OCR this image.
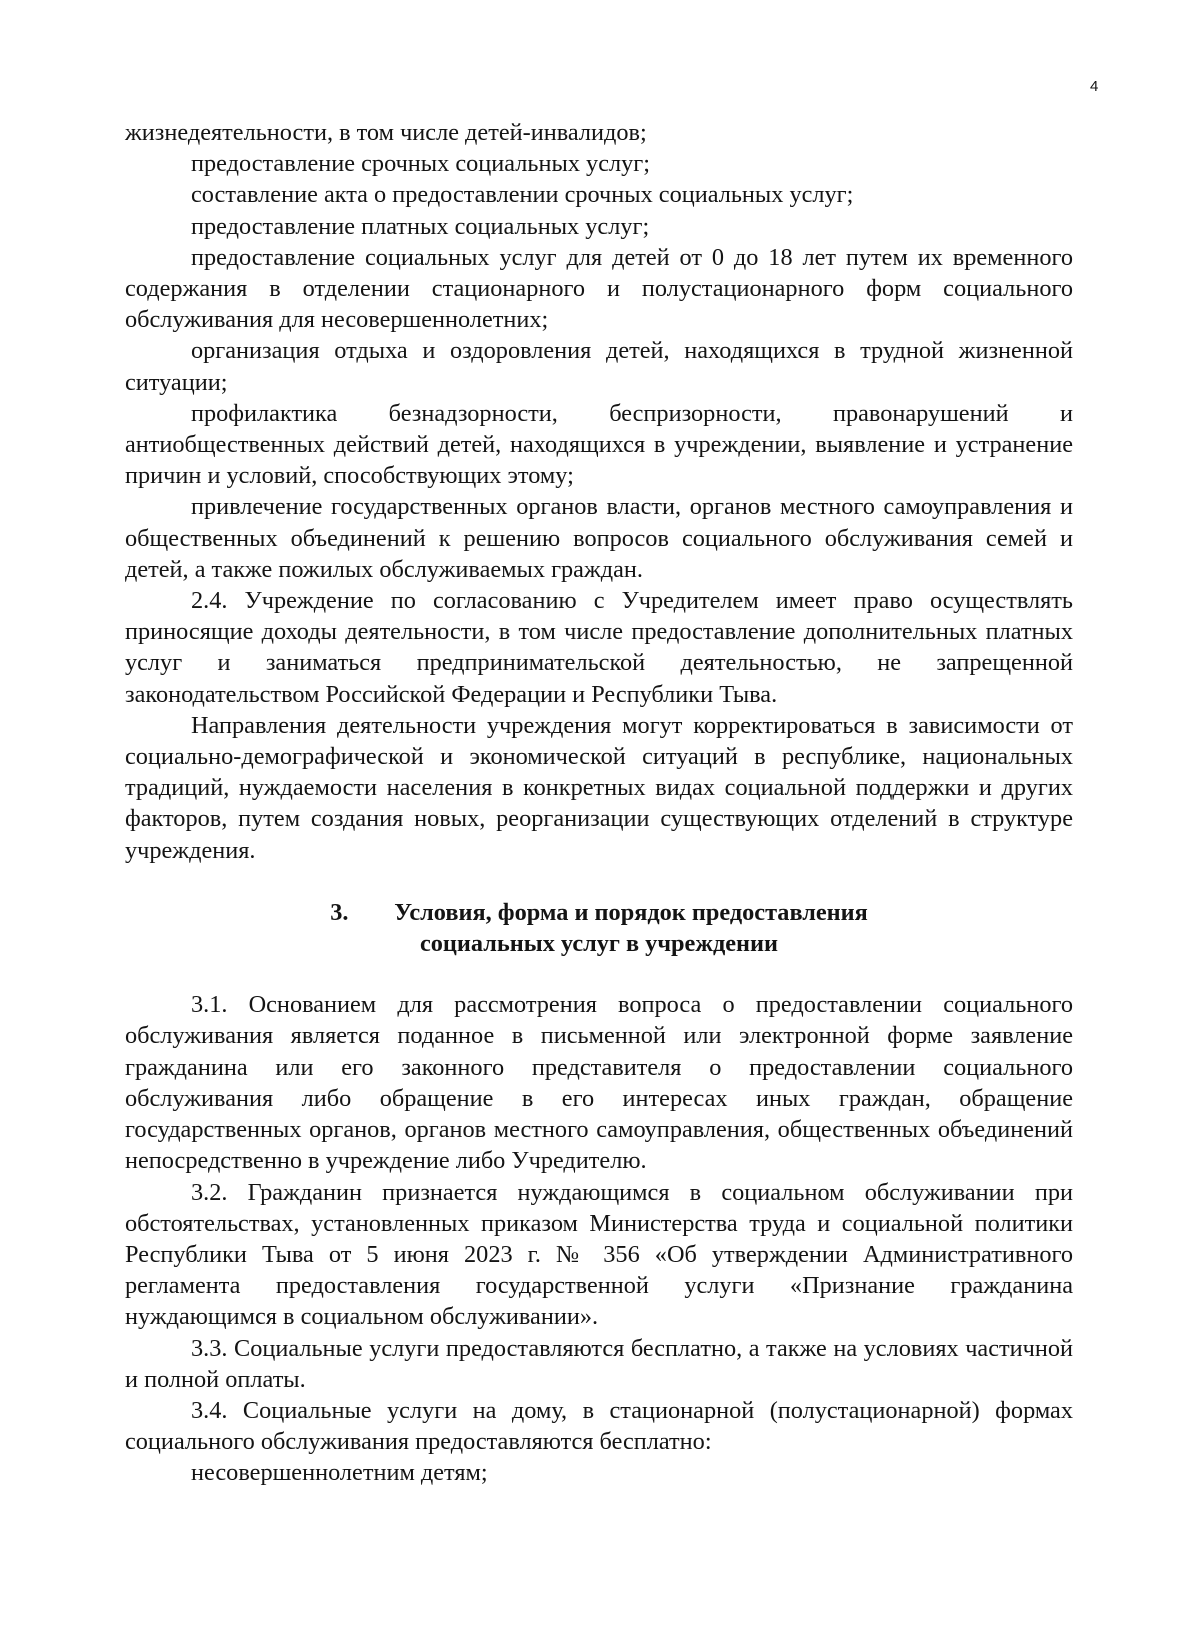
4

жизнедеятельности, в том числе детей-инвалидов;

предоставление срочных социальных услуг;

составление акта о предоставлении срочных социальных услуг;

предоставление платных социальных услуг;

предоставление социальных услуг для детей от 0 до 18 лет путем их временного содержания в отделении стационарного и полустационарного форм социального обслуживания для несовершеннолетних;

организация отдыха и оздоровления детей, находящихся в трудной жизненной ситуации;

профилактика безнадзорности, беспризорности, правонарушений и антиобщественных действий детей, находящихся в учреждении, выявление и устранение причин и условий, способствующих этому;

привлечение государственных органов власти, органов местного самоуправления и общественных объединений к решению вопросов социального обслуживания семей и детей, а также пожилых обслуживаемых граждан.

2.4. Учреждение по согласованию с Учредителем имеет право осуществлять приносящие доходы деятельности, в том числе предоставление дополнительных платных услуг и заниматься предпринимательской деятельностью, не запрещенной законодательством Российской Федерации и Республики Тыва.

Направления деятельности учреждения могут корректироваться в зависимости от социально-демографической и экономической ситуаций в республике, национальных традиций, нуждаемости населения в конкретных видах социальной поддержки и других факторов, путем создания новых, реорганизации существующих отделений в структуре учреждения.

3. Условия, форма и порядок предоставления

социальных услуг в учреждении

3.1. Основанием для рассмотрения вопроса о предоставлении социального обслуживания является поданное в письменной или электронной форме заявление гражданина или его законного представителя о предоставлении социального обслуживания либо обращение в его интересах иных граждан, обращение государственных органов, органов местного самоуправления, общественных объединений непосредственно в учреждение либо Учредителю.

3.2. Гражданин признается нуждающимся в социальном обслуживании при обстоятельствах, установленных приказом Министерства труда и социальной политики Республики Тыва от 5 июня 2023 г. № 356 «Об утверждении Административного регламента предоставления государственной услуги «Признание гражданина нуждающимся в социальном обслуживании».

3.3. Социальные услуги предоставляются бесплатно, а также на условиях частичной и полной оплаты.

3.4. Социальные услуги на дому, в стационарной (полустационарной) формах социального обслуживания предоставляются бесплатно:

несовершеннолетним детям;
